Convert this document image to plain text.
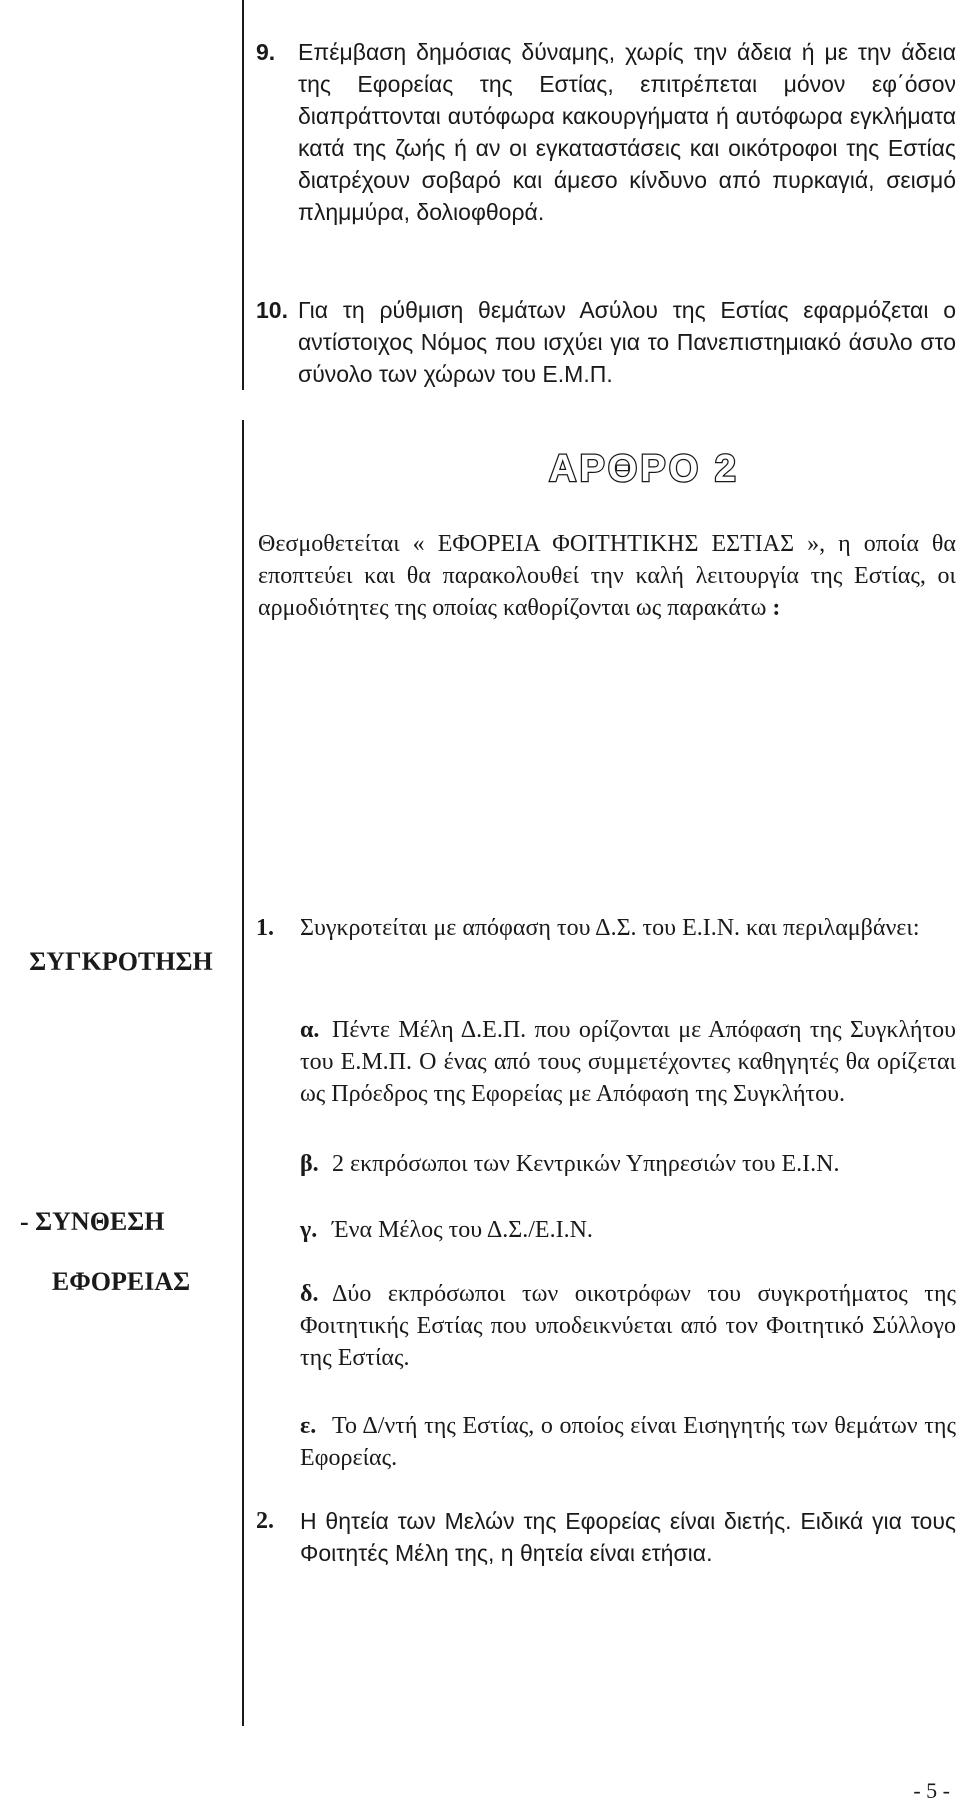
9. Επέμβαση δημόσιας δύναμης, χωρίς την άδεια ή με την άδεια της Εφορείας της Εστίας, επιτρέπεται μόνον εφ΄όσον διαπράττονται αυτόφωρα κακουργήματα ή αυτόφωρα εγκλήματα κατά της ζωής ή αν οι εγκαταστάσεις και οικότροφοι της Εστίας διατρέχουν σοβαρό και άμεσο κίνδυνο από πυρκαγιά, σεισμό πλημμύρα, δολιοφθορά.
10. Για τη ρύθμιση θεμάτων Ασύλου της Εστίας εφαρμόζεται ο αντίστοιχος Νόμος που ισχύει για το Πανεπιστημιακό άσυλο στο σύνολο των χώρων του Ε.Μ.Π.
ΑΡΘΡΟ 2
Θεσμοθετείται « ΕΦΟΡΕΙΑ ΦΟΙΤΗΤΙΚΗΣ ΕΣΤΙΑΣ », η οποία θα εποπτεύει και θα παρακολουθεί την καλή λειτουργία της Εστίας, οι αρμοδιότητες της οποίας καθορίζονται ως παρακάτω :
ΣΥΓΚΡΟΤΗΣΗ
- ΣΥΝΘΕΣΗ
ΕΦΟΡΕΙΑΣ
1. Συγκροτείται με απόφαση του Δ.Σ. του Ε.Ι.Ν. και περιλαμβάνει:
α. Πέντε Μέλη Δ.Ε.Π. που ορίζονται με Απόφαση της Συγκλήτου του Ε.Μ.Π. Ο ένας από τους συμμετέχοντες καθηγητές θα ορίζεται ως Πρόεδρος της Εφορείας με Απόφαση της Συγκλήτου.
β. 2 εκπρόσωποι των Κεντρικών Υπηρεσιών του Ε.Ι.Ν.
γ. Ένα Μέλος του Δ.Σ./Ε.Ι.Ν.
δ. Δύο εκπρόσωποι των οικοτρόφων του συγκροτήματος της Φοιτητικής Εστίας που υποδεικνύεται από τον Φοιτητικό Σύλλογο της Εστίας.
ε. Το Δ/ντή της Εστίας, ο οποίος είναι Εισηγητής των θεμάτων της Εφορείας.
2. Η θητεία των Μελών της Εφορείας είναι διετής. Ειδικά για τους Φοιτητές Μέλη της, η θητεία είναι ετήσια.
- 5 -
